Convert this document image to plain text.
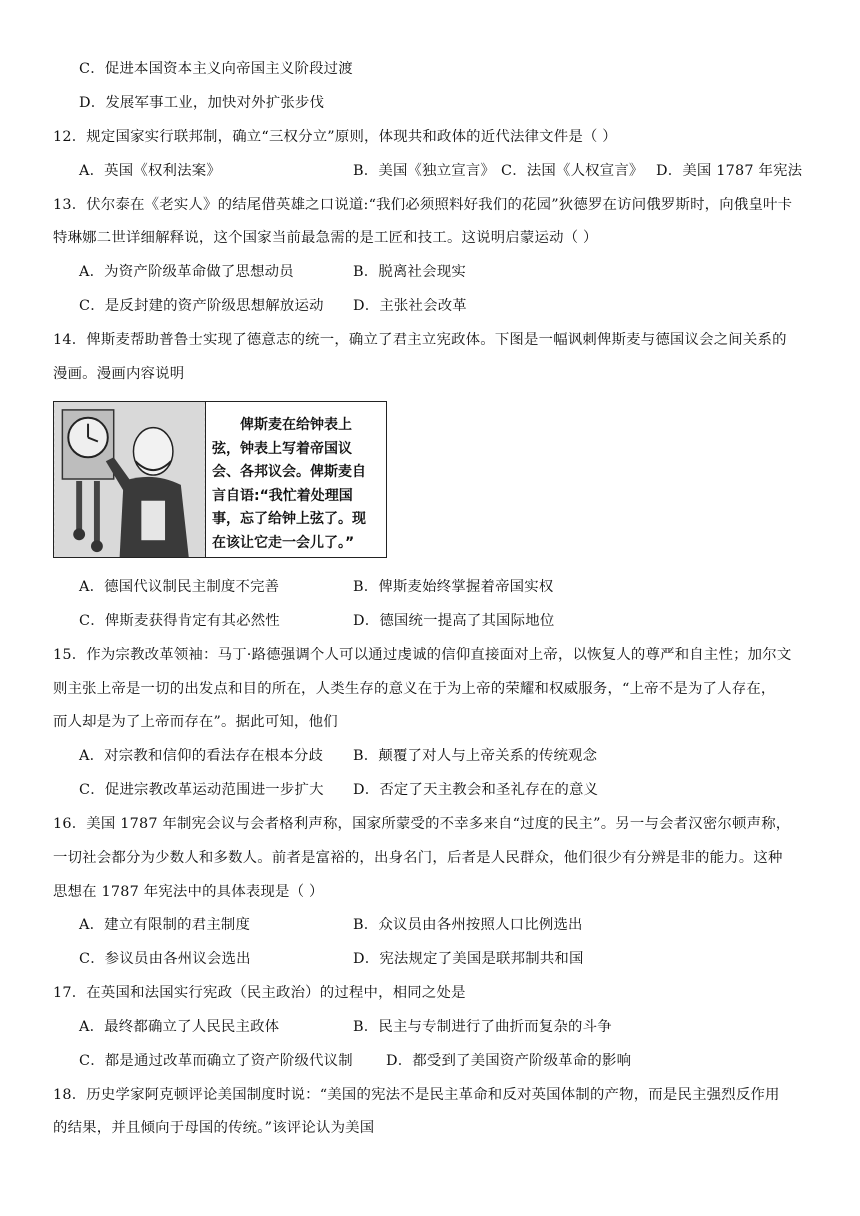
C．促进本国资本主义向帝国主义阶段过渡
D．发展军事工业，加快对外扩张步伐
12．规定国家实行联邦制，确立“三权分立”原则，体现共和政体的近代法律文件是（ ）
A．英国《权利法案》	B．美国《独立宣言》 C．法国《人权宣言》 D．美国 1787 年宪法
13．伏尔泰在《老实人》的结尾借英雄之口说道:“我们必须照料好我们的花园”狄德罗在访问俄罗斯时，向俄皇叶卡
特琳娜二世详细解释说，这个国家当前最急需的是工匠和技工。这说明启蒙运动（ ）
A．为资产阶级革命做了思想动员	B．脱离社会现实
C．是反封建的资产阶级思想解放运动 D．主张社会改革
14．俾斯麦帮助普鲁士实现了德意志的统一，确立了君主立宪政体。下图是一幅讽刺俾斯麦与德国议会之间关系的
漫画。漫画内容说明
俾斯麦在给钟表上
弦，钟表上写着帝国议
会、各邦议会。俾斯麦自
言自语:“我忙着处理国
事，忘了给钟上弦了。现
在该让它走一会儿了。”
A．德国代议制民主制度不完善	B．俾斯麦始终掌握着帝国实权
C．俾斯麦获得肯定有其必然性	D．德国统一提高了其国际地位
15．作为宗教改革领袖：马丁·路德强调个人可以通过虔诚的信仰直接面对上帝，以恢复人的尊严和自主性；加尔文
则主张上帝是一切的出发点和目的所在，人类生存的意义在于为上帝的荣耀和权威服务，“上帝不是为了人存在，
而人却是为了上帝而存在”。据此可知，他们
A．对宗教和信仰的看法存在根本分歧 B．颠覆了对人与上帝关系的传统观念
C．促进宗教改革运动范围进一步扩大 D．否定了天主教会和圣礼存在的意义
16．美国 1787 年制宪会议与会者格利声称，国家所蒙受的不幸多来自“过度的民主”。另一与会者汉密尔顿声称，
一切社会都分为少数人和多数人。前者是富裕的，出身名门，后者是人民群众，他们很少有分辨是非的能力。这种
思想在 1787 年宪法中的具体表现是（ ）
A．建立有限制的君主制度	B．众议员由各州按照人口比例选出
C．参议员由各州议会选出	D．宪法规定了美国是联邦制共和国
17．在英国和法国实行宪政（民主政治）的过程中，相同之处是
A．最终都确立了人民民主政体	B．民主与专制进行了曲折而复杂的斗争
C．都是通过改革而确立了资产阶级代议制 D．都受到了美国资产阶级革命的影响
18．历史学家阿克顿评论美国制度时说：“美国的宪法不是民主革命和反对英国体制的产物，而是民主强烈反作用
的结果，并且倾向于母国的传统。”该评论认为美国
